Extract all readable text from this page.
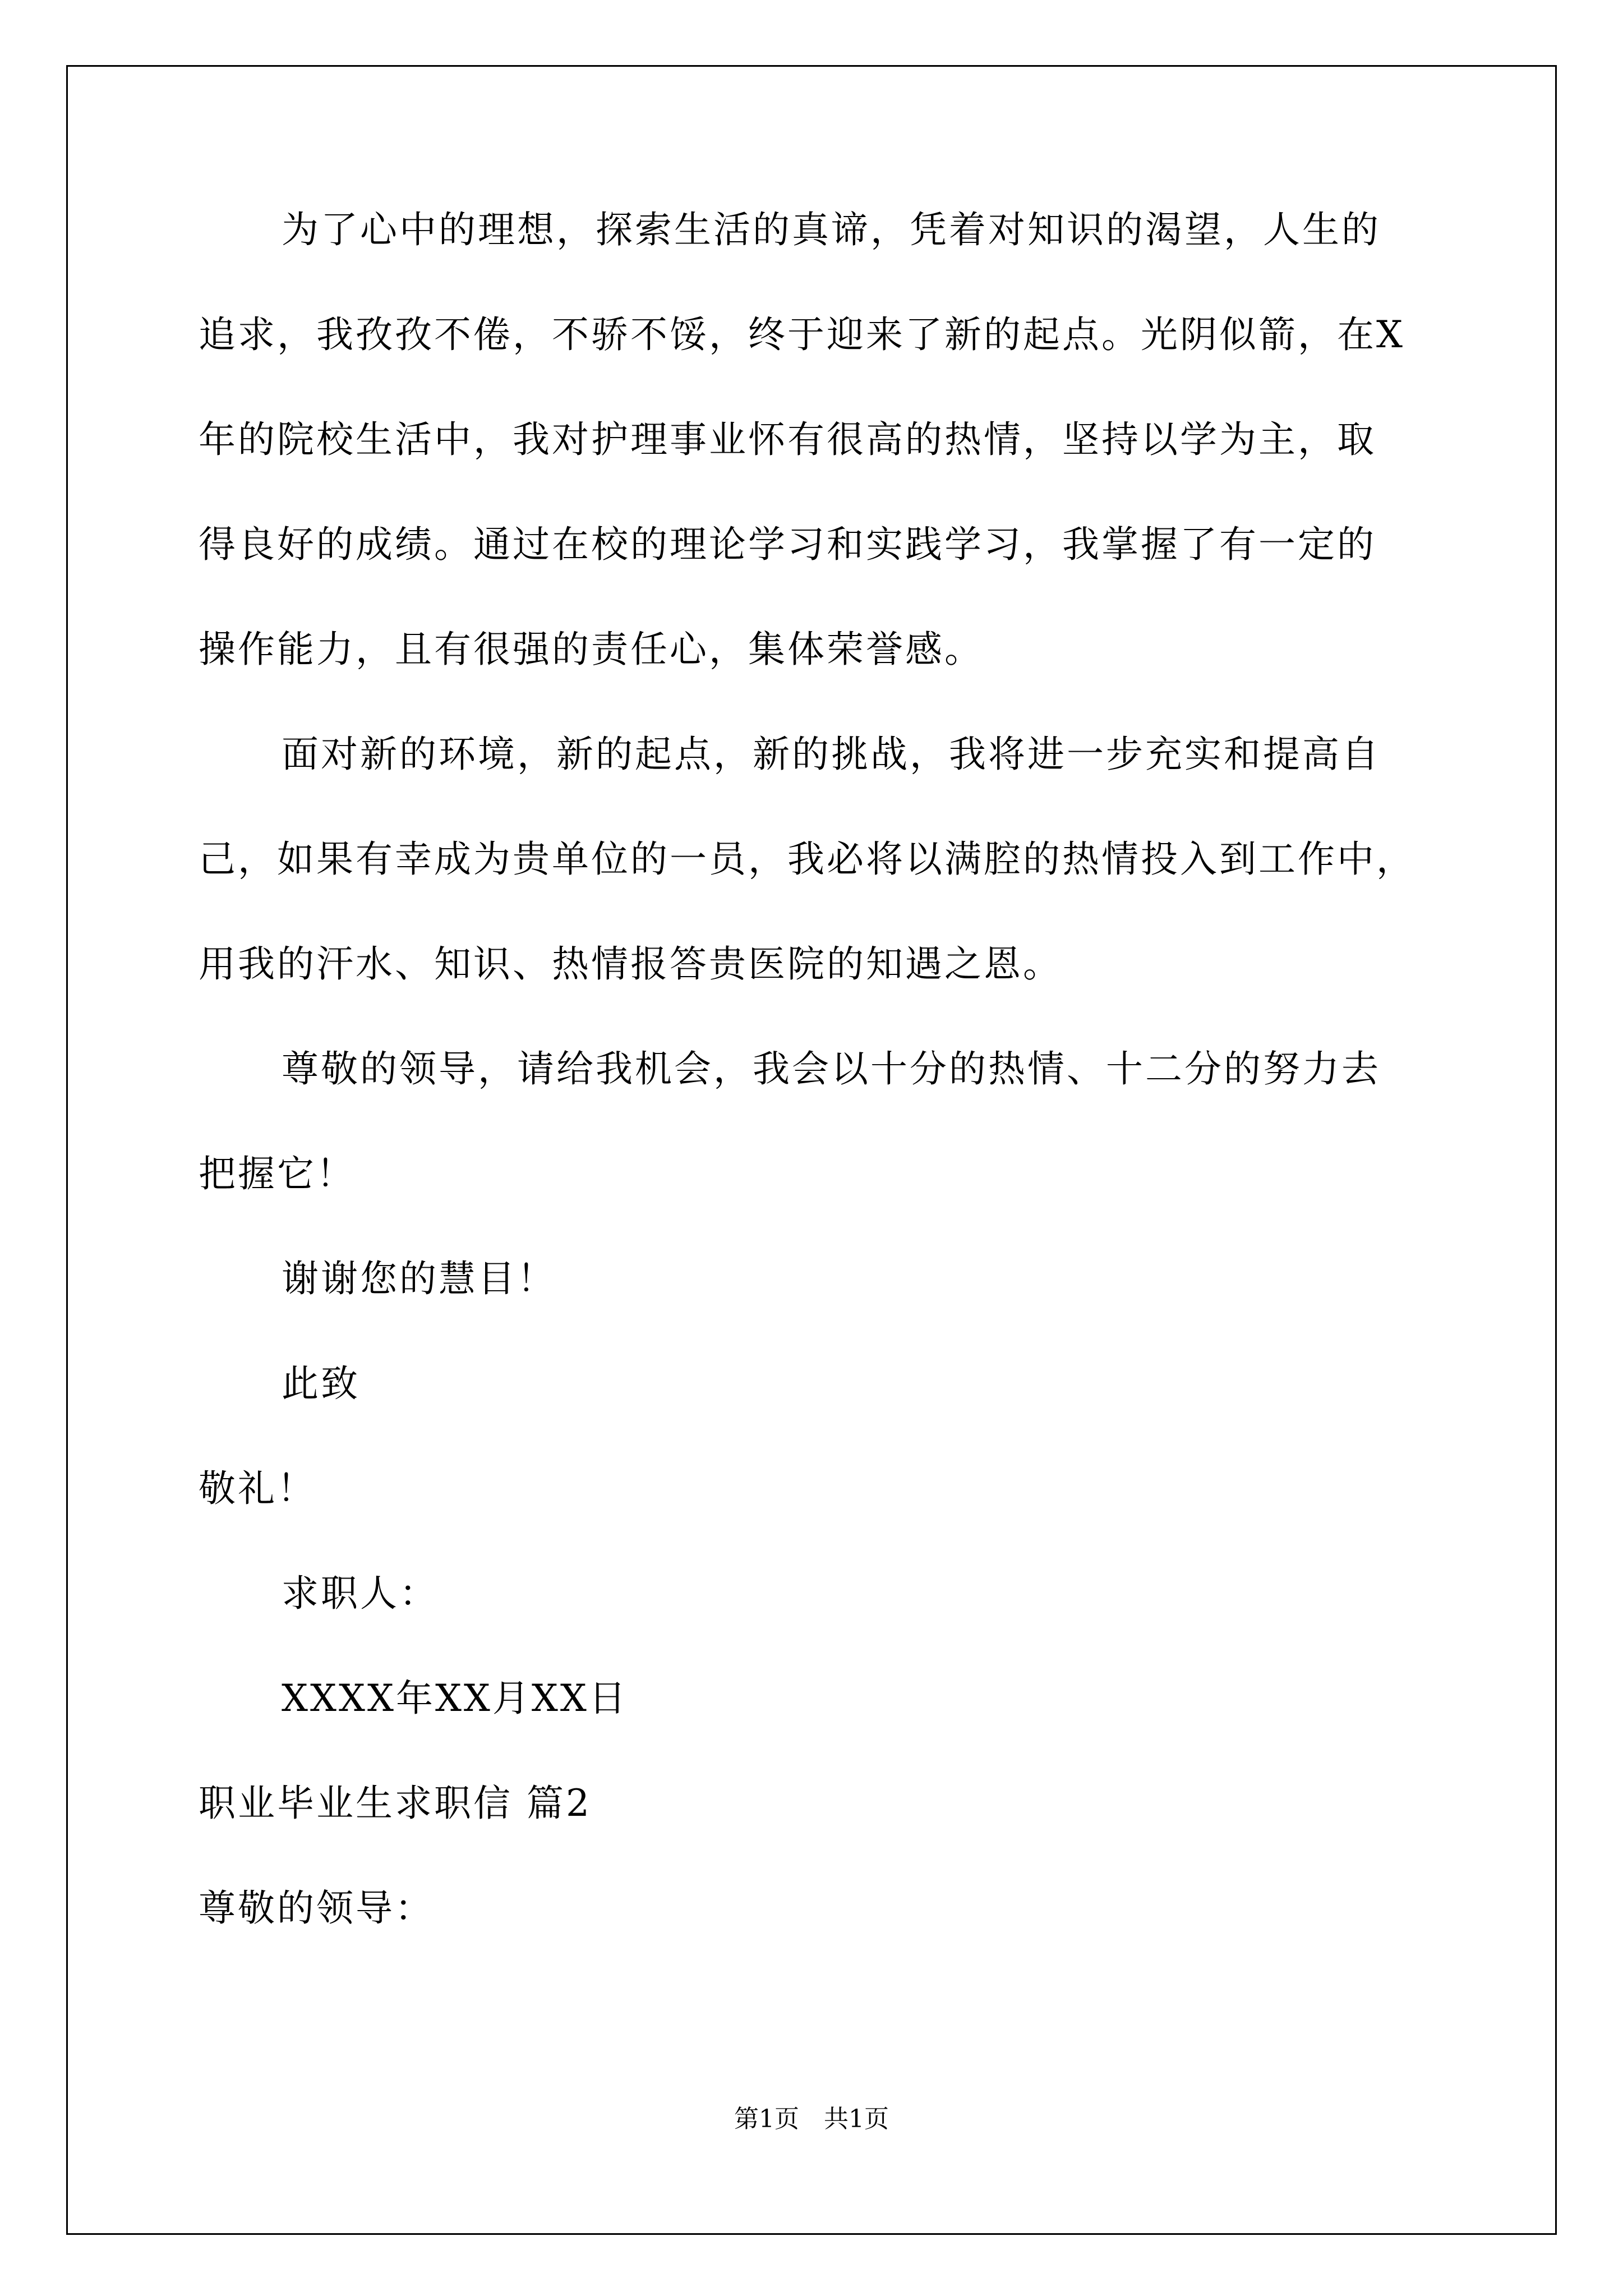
为了心中的理想，探索生活的真谛，凭着对知识的渴望，人生的
追求，我孜孜不倦，不骄不馁，终于迎来了新的起点。光阴似箭，在X
年的院校生活中，我对护理事业怀有很高的热情，坚持以学为主，取
得良好的成绩。通过在校的理论学习和实践学习，我掌握了有一定的
操作能力，且有很强的责任心，集体荣誉感。
面对新的环境，新的起点，新的挑战，我将进一步充实和提高自
己，如果有幸成为贵单位的一员，我必将以满腔的热情投入到工作中，
用我的汗水、知识、热情报答贵医院的知遇之恩。
尊敬的领导，请给我机会，我会以十分的热情、十二分的努力去
把握它！
谢谢您的慧目！
此致
敬礼！
求职人：
XXXX年XX月XX日
职业毕业生求职信 篇2
尊敬的领导：
第1页　共1页
